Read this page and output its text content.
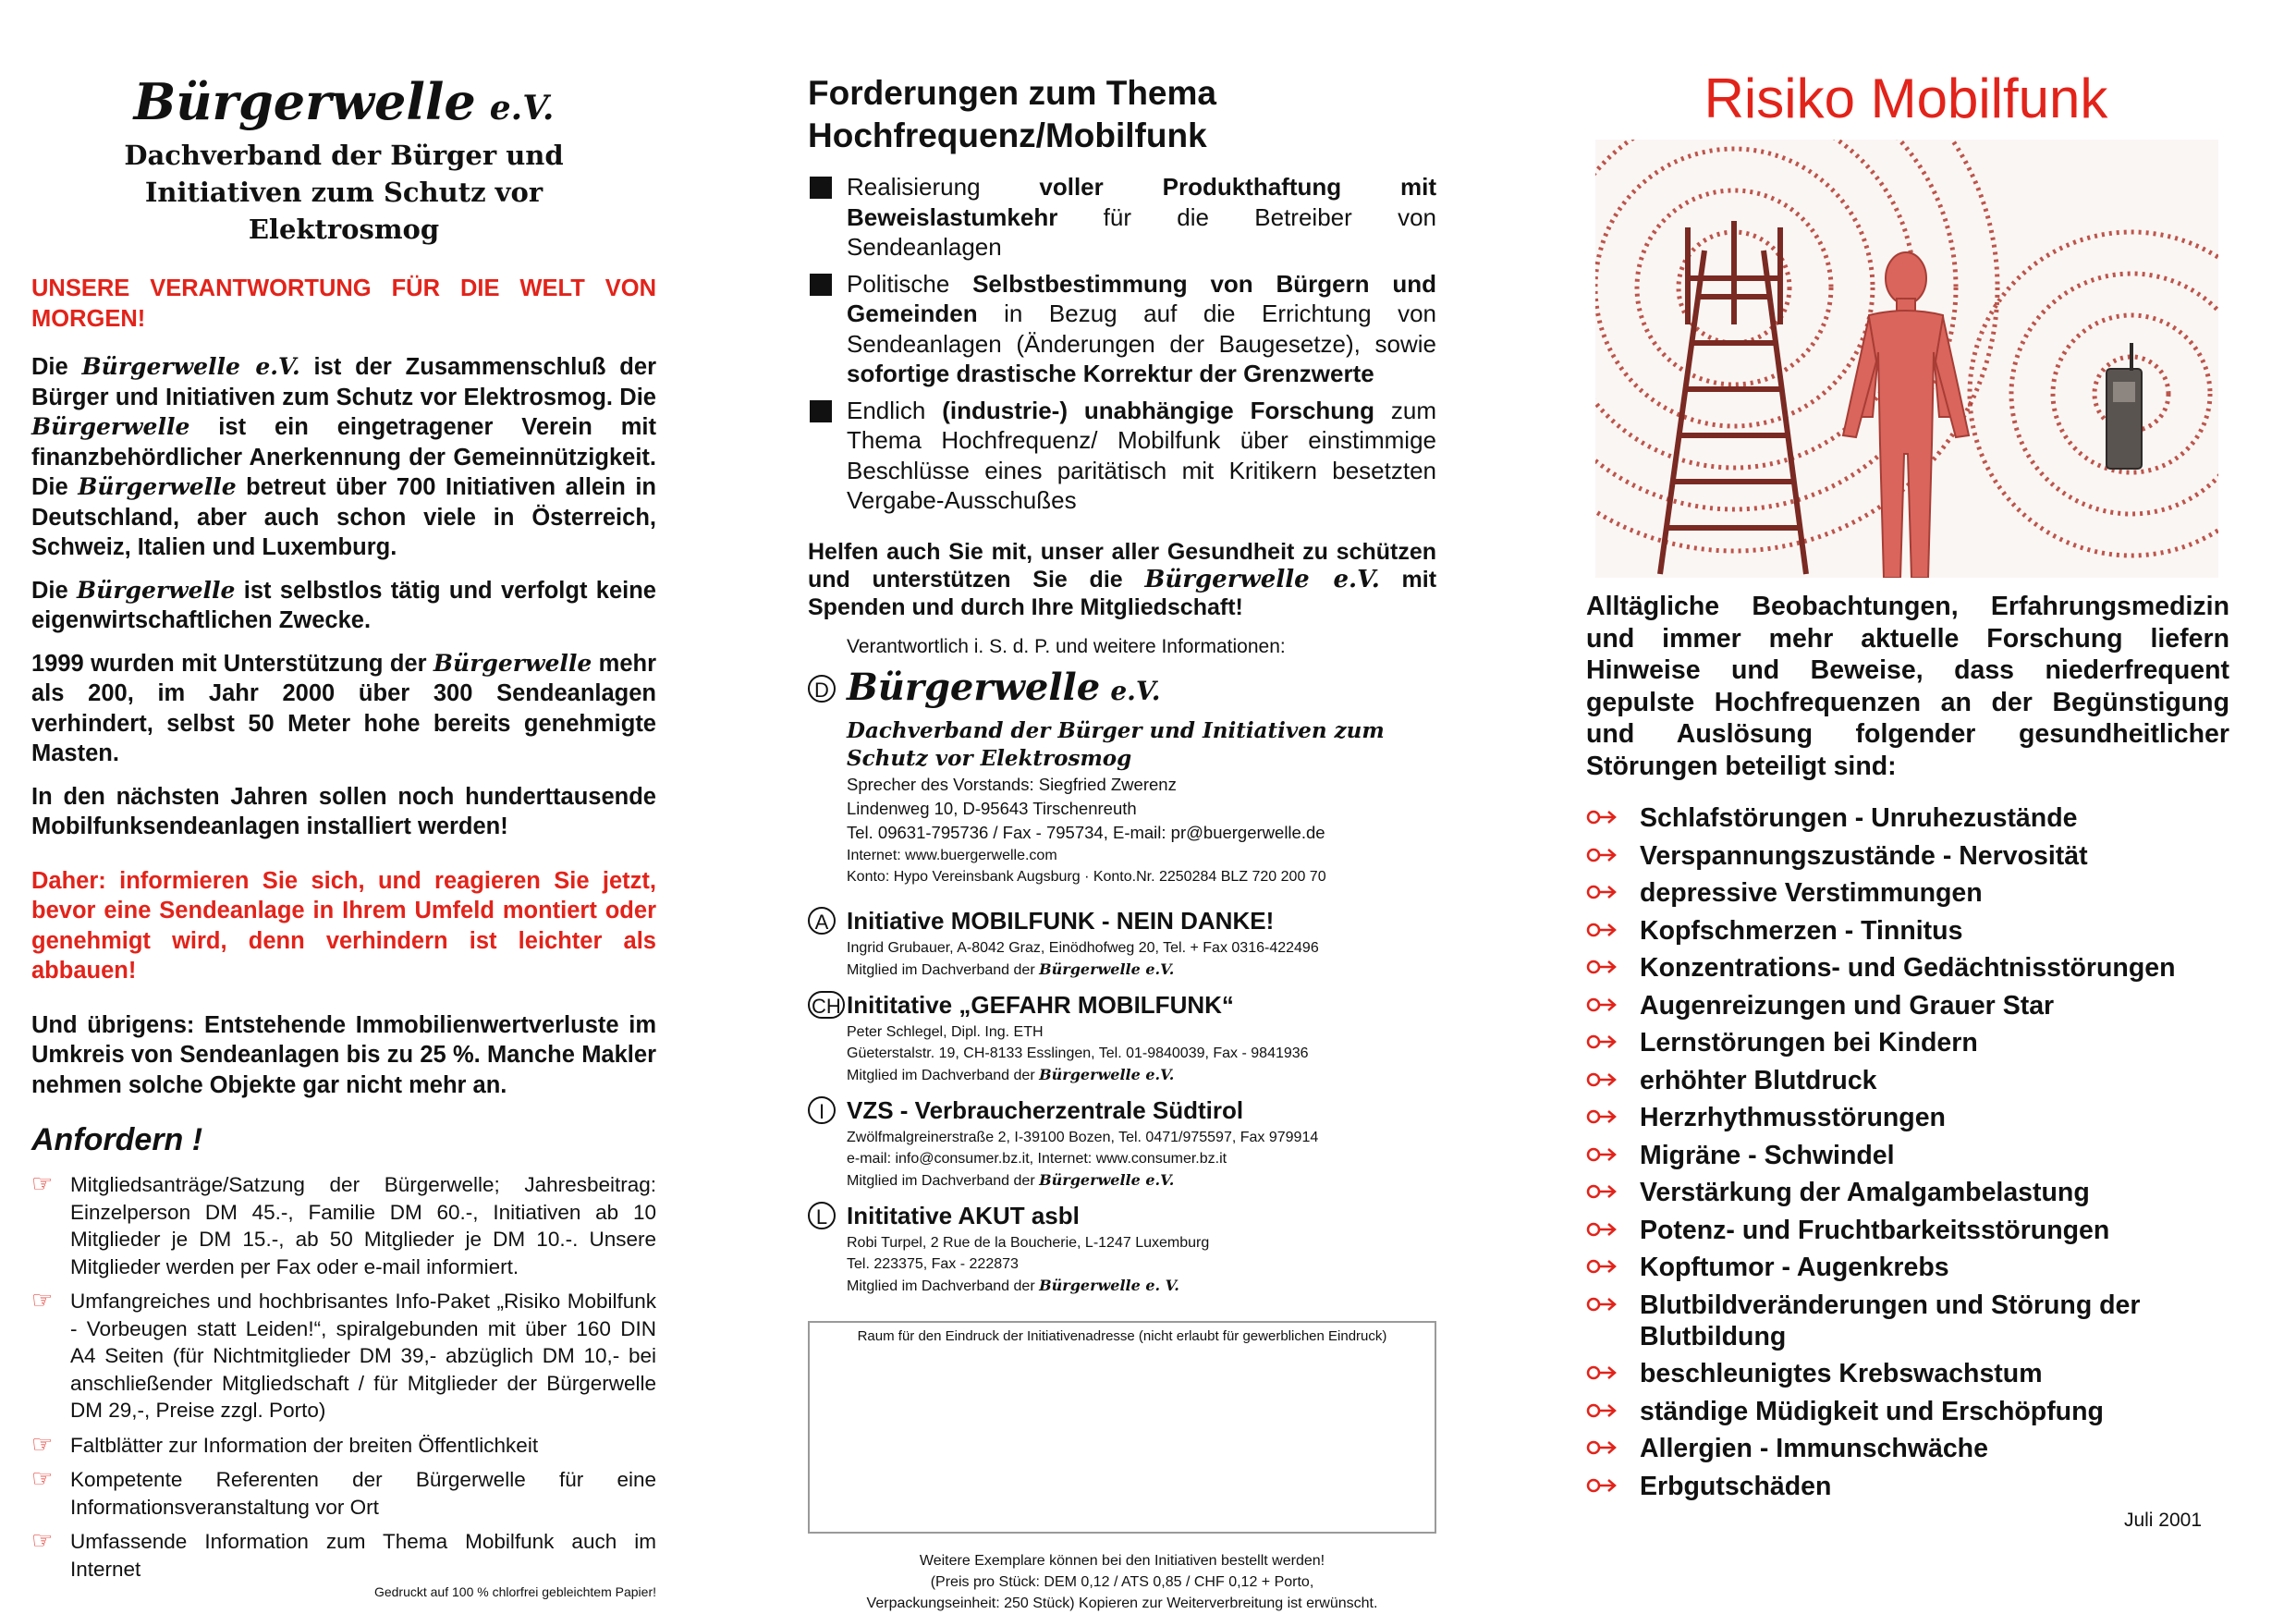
Bürgerwelle e.V.
Dachverband der Bürger und
Initiativen zum Schutz vor
Elektrosmog

UNSERE VERANTWORTUNG FÜR DIE WELT VON MORGEN!

Die Bürgerwelle e.V. ist der Zusammenschluß der Bürger und Initiativen zum Schutz vor Elektrosmog. Die Bürgerwelle ist ein eingetragener Verein mit finanzbehördlicher Anerkennung der Gemeinnützigkeit. Die Bürgerwelle betreut über 700 Initiativen allein in Deutschland, aber auch schon viele in Österreich, Schweiz, Italien und Luxemburg.

Die Bürgerwelle ist selbstlos tätig und verfolgt keine eigenwirtschaftlichen Zwecke.

1999 wurden mit Unterstützung der Bürgerwelle mehr als 200, im Jahr 2000 über 300 Sendeanlagen verhindert, selbst 50 Meter hohe bereits genehmigte Masten.

In den nächsten Jahren sollen noch hunderttausende Mobilfunksendeanlagen installiert werden!

Daher: informieren Sie sich, und reagieren Sie jetzt, bevor eine Sendeanlage in Ihrem Umfeld montiert oder genehmigt wird, denn verhindern ist leichter als abbauen!

Und übrigens: Entstehende Immobilienwertverluste im Umkreis von Sendeanlagen bis zu 25 %. Manche Makler nehmen solche Objekte gar nicht mehr an.

Anfordern !
☞ Mitgliedsanträge/Satzung der Bürgerwelle; Jahresbeitrag: Einzelperson DM 45.-, Familie DM 60.-, Initiativen ab 10 Mitglieder je DM 15.-, ab 50 Mitglieder je DM 10.-. Unsere Mitglieder werden per Fax oder e-mail informiert.
☞ Umfangreiches und hochbrisantes Info-Paket „Risiko Mobilfunk - Vorbeugen statt Leiden!“, spiralgebunden mit über 160 DIN A4 Seiten (für Nichtmitglieder DM 39,- abzüglich DM 10,- bei anschließender Mitgliedschaft / für Mitglieder der Bürgerwelle DM 29,-, Preise zzgl. Porto)
☞ Faltblätter zur Information der breiten Öffentlichkeit
☞ Kompetente Referenten der Bürgerwelle für eine Informationsveranstaltung vor Ort
☞ Umfassende Information zum Thema Mobilfunk auch im Internet
Gedruckt auf 100 % chlorfrei gebleichtem Papier!
Forderungen zum Thema Hochfrequenz/Mobilfunk
Realisierung voller Produkthaftung mit Beweislastumkehr für die Betreiber von Sendeanlagen
Politische Selbstbestimmung von Bürgern und Gemeinden in Bezug auf die Errichtung von Sendeanlagen (Änderungen der Baugesetze), sowie sofortige drastische Korrektur der Grenzwerte
Endlich (industrie-) unabhängige Forschung zum Thema Hochfrequenz/ Mobilfunk über einstimmige Beschlüsse eines paritätisch mit Kritikern besetzten Vergabe-Ausschußes

Helfen auch Sie mit, unser aller Gesundheit zu schützen und unterstützen Sie die Bürgerwelle e.V. mit Spenden und durch Ihre Mitgliedschaft!

Verantwortlich i. S. d. P. und weitere Informationen:
D Bürgerwelle e.V.
Dachverband der Bürger und Initiativen zum Schutz vor Elektrosmog
Sprecher des Vorstands: Siegfried Zwerenz
Lindenweg 10, D-95643 Tirschenreuth
Tel. 09631-795736 / Fax - 795734, E-mail: pr@buergerwelle.de
Internet: www.buergerwelle.com
Konto: Hypo Vereinsbank Augsburg · Konto.Nr. 2250284 BLZ 720 200 70
A Initiative MOBILFUNK - NEIN DANKE!
Ingrid Grubauer, A-8042 Graz, Einödhofweg 20, Tel. + Fax 0316-422496
Mitglied im Dachverband der Bürgerwelle e.V.
CH Inititative „GEFAHR MOBILFUNK“
Peter Schlegel, Dipl. Ing. ETH
Güeterstalstr. 19, CH-8133 Esslingen, Tel. 01-9840039, Fax - 9841936
Mitglied im Dachverband der Bürgerwelle e.V.
I VZS - Verbraucherzentrale Südtirol
Zwölfmalgreinerstraße 2, I-39100 Bozen, Tel. 0471/975597, Fax 979914
e-mail: info@consumer.bz.it, Internet: www.consumer.bz.it
Mitglied im Dachverband der Bürgerwelle e.V.
L Inititative AKUT asbl
Robi Turpel, 2 Rue de la Boucherie, L-1247 Luxemburg
Tel. 223375, Fax - 222873
Mitglied im Dachverband der Bürgerwelle e. V.
Raum für den Eindruck der Initiativenadresse (nicht erlaubt für gewerblichen Eindruck)
Weitere Exemplare können bei den Initiativen bestellt werden!
(Preis pro Stück: DEM 0,12 / ATS 0,85 / CHF 0,12 + Porto,
Verpackungseinheit: 250 Stück) Kopieren zur Weiterverbreitung ist erwünscht.
Risiko Mobilfunk

Alltägliche Beobachtungen, Erfahrungsmedizin und immer mehr aktuelle Forschung liefern Hinweise und Beweise, dass niederfrequent gepulste Hochfrequenzen an der Begünstigung und Auslösung folgender gesundheitlicher Störungen beteiligt sind:

Schlafstörungen - Unruhezustände
Verspannungszustände - Nervosität
depressive Verstimmungen
Kopfschmerzen - Tinnitus
Konzentrations- und Gedächtnisstörungen
Augenreizungen und Grauer Star
Lernstörungen bei Kindern
erhöhter Blutdruck
Herzrhythmusstörungen
Migräne - Schwindel
Verstärkung der Amalgambelastung
Potenz- und Fruchtbarkeitsstörungen
Kopftumor - Augenkrebs
Blutbildveränderungen und Störung der Blutbildung
beschleunigtes Krebswachstum
ständige Müdigkeit und Erschöpfung
Allergien - Immunschwäche
Erbgutschäden
Juli 2001
